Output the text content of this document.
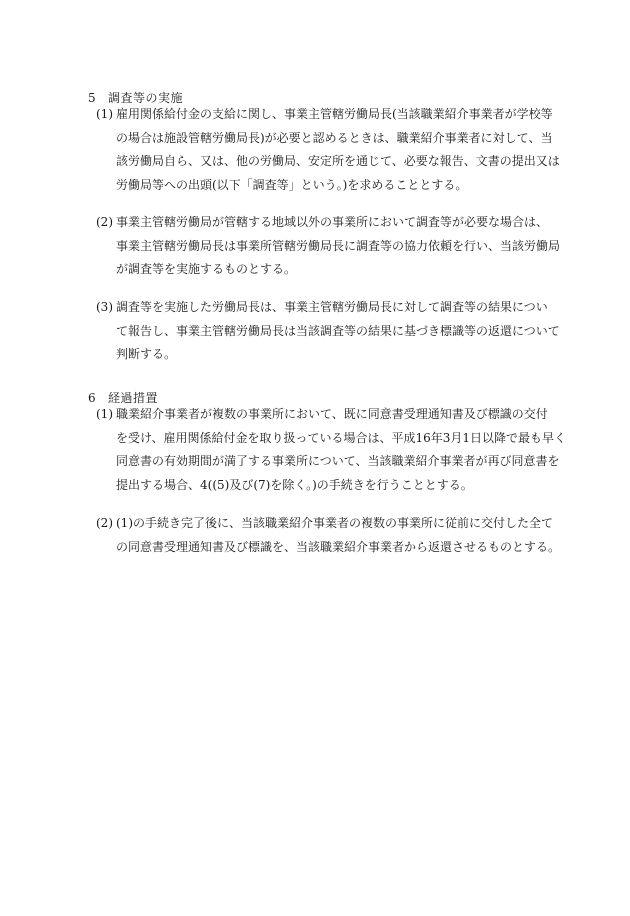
5 調査等の実施
(1) 雇用関係給付金の支給に関し、事業主管轄労働局長(当該職業紹介事業者が学校等
の場合は施設管轄労働局長)が必要と認めるときは、職業紹介事業者に対して、当
該労働局自ら、又は、他の労働局、安定所を通じて、必要な報告、文書の提出又は
労働局等への出頭(以下「調査等」という。)を求めることとする。
(2) 事業主管轄労働局が管轄する地域以外の事業所において調査等が必要な場合は、
事業主管轄労働局長は事業所管轄労働局長に調査等の協力依頼を行い、当該労働局
が調査等を実施するものとする。
(3) 調査等を実施した労働局長は、事業主管轄労働局長に対して調査等の結果につい
て報告し、事業主管轄労働局長は当該調査等の結果に基づき標識等の返還について
判断する。
6 経過措置
(1) 職業紹介事業者が複数の事業所において、既に同意書受理通知書及び標識の交付
を受け、雇用関係給付金を取り扱っている場合は、平成16年3月1日以降で最も早く
同意書の有効期間が満了する事業所について、当該職業紹介事業者が再び同意書を
提出する場合、4((5)及び(7)を除く。)の手続きを行うこととする。
(2) (1)の手続き完了後に、当該職業紹介事業者の複数の事業所に従前に交付した全て
の同意書受理通知書及び標識を、当該職業紹介事業者から返還させるものとする。
